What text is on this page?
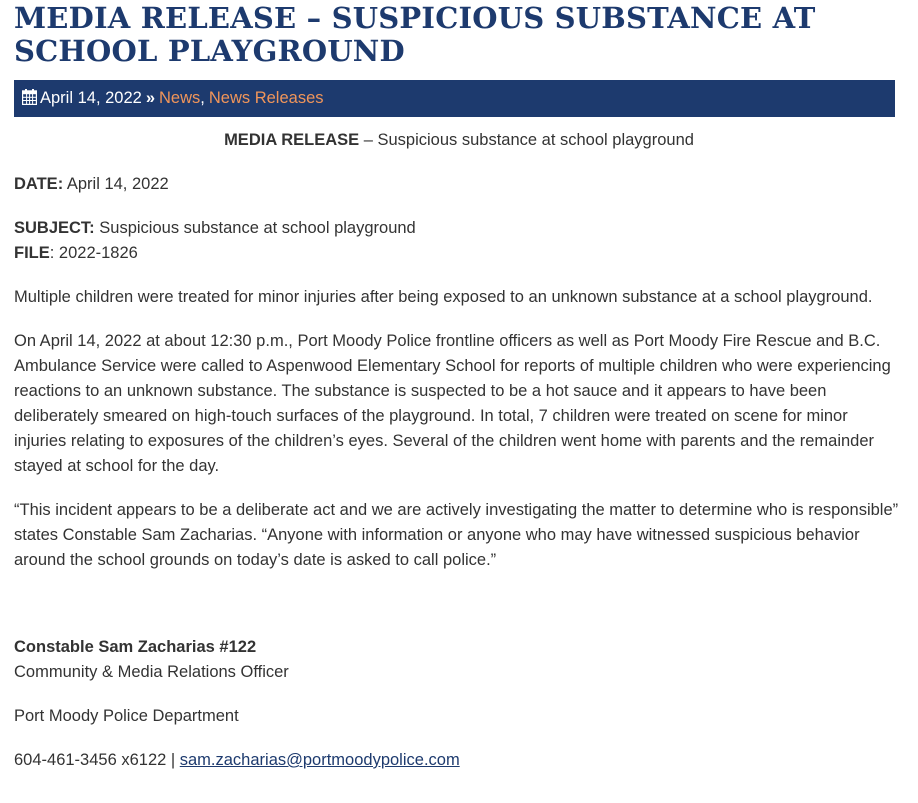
MEDIA RELEASE – SUSPICIOUS SUBSTANCE AT SCHOOL PLAYGROUND
April 14, 2022 » News , News Releases

MEDIA RELEASE – Suspicious substance at school playground

DATE: April 14, 2022

SUBJECT: Suspicious substance at school playground

FILE: 2022-1826

Multiple children were treated for minor injuries after being exposed to an unknown substance at a school playground.

On April 14, 2022 at about 12:30 p.m., Port Moody Police frontline officers as well as Port Moody Fire Rescue and B.C. Ambulance Service were called to Aspenwood Elementary School for reports of multiple children who were experiencing reactions to an unknown substance. The substance is suspected to be a hot sauce and it appears to have been deliberately smeared on high-touch surfaces of the playground. In total, 7 children were treated on scene for minor injuries relating to exposures of the children’s eyes. Several of the children went home with parents and the remainder stayed at school for the day.

“This incident appears to be a deliberate act and we are actively investigating the matter to determine who is responsible” states Constable Sam Zacharias. “Anyone with information or anyone who may have witnessed suspicious behavior around the school grounds on today’s date is asked to call police.”

Constable Sam Zacharias #122

Community & Media Relations Officer

Port Moody Police Department

604-461-3456 x6122 | sam.zacharias@portmoodypolice.com
